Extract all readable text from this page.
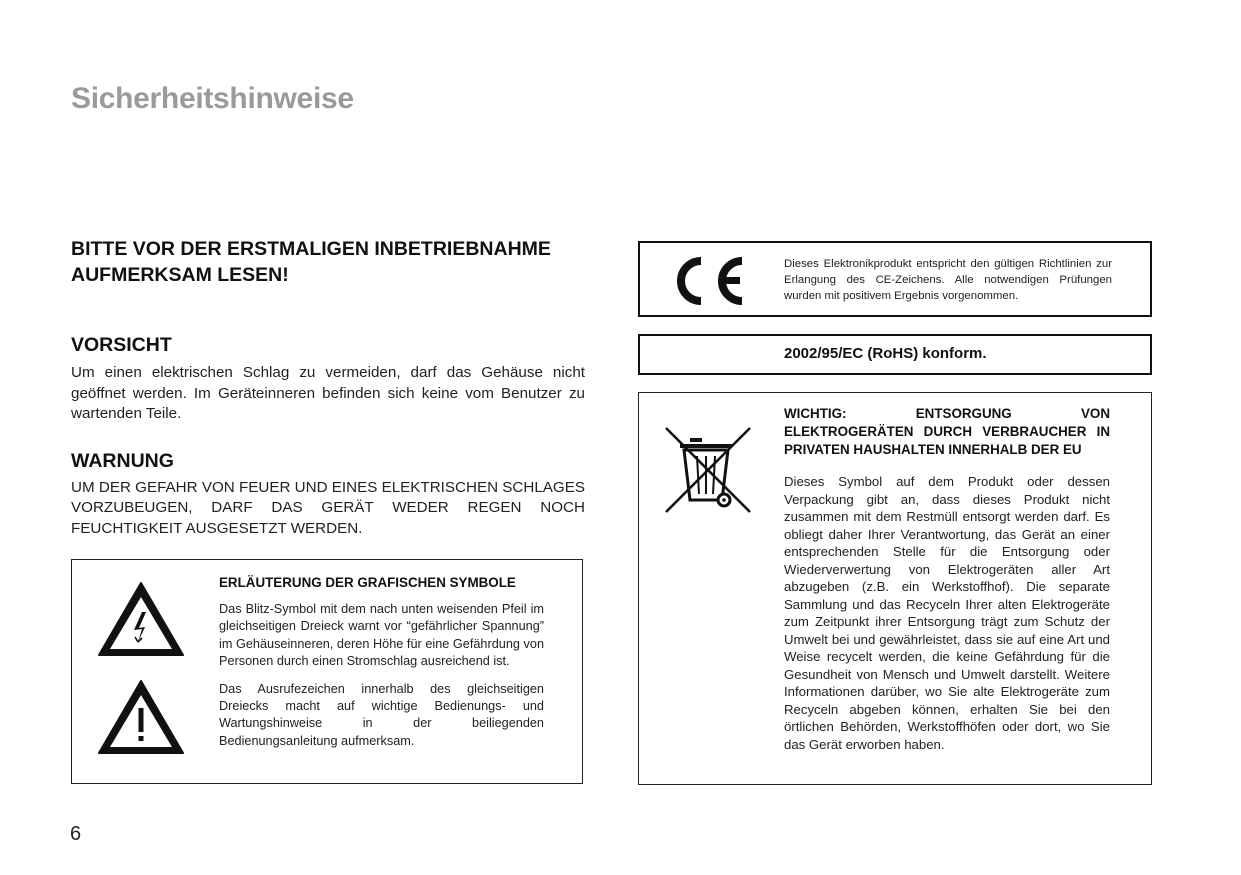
Sicherheitshinweise
BITTE VOR DER ERSTMALIGEN INBETRIEBNAHME
AUFMERKSAM LESEN!
VORSICHT

Um einen elektrischen Schlag zu vermeiden, darf das Gehäuse nicht geöffnet werden. Im Geräteinneren befinden sich keine vom Benutzer zu wartenden Teile.

WARNUNG

UM DER GEFAHR VON FEUER UND EINES ELEKTRISCHEN SCHLAGES VORZUBEUGEN, DARF DAS GERÄT WEDER REGEN NOCH FEUCHTIGKEIT AUSGESETZT WERDEN.

ERLÄUTERUNG DER GRAFISCHEN SYMBOLE

Das Blitz-Symbol mit dem nach unten weisenden Pfeil im gleichseitigen Dreieck warnt vor “gefährlicher Spannung” im Gehäuseinneren, deren Höhe für eine Gefährdung von Personen durch einen Stromschlag ausreichend ist.

Das Ausrufezeichen innerhalb des gleichseitigen Dreiecks macht auf wichtige Bedienungs- und Wartungshinweise in der beiliegenden Bedienungsanleitung aufmerksam.

CE

Dieses Elektronikprodukt entspricht den gültigen Richtlinien zur Erlangung des CE-Zeichens. Alle notwendigen Prüfungen wurden mit positivem Ergebnis vorgenommen.

2002/95/EC (RoHS) konform.

WICHTIG: ENTSORGUNG VON ELEKTROGERÄTEN DURCH VERBRAUCHER IN PRIVATEN HAUSHALTEN INNERHALB DER EU

Dieses Symbol auf dem Produkt oder dessen Verpackung gibt an, dass dieses Produkt nicht zusammen mit dem Restmüll entsorgt werden darf. Es obliegt daher Ihrer Verantwortung, das Gerät an einer entsprechenden Stelle für die Entsorgung oder Wiederverwertung von Elektrogeräten aller Art abzugeben (z.B. ein Werkstoffhof). Die separate Sammlung und das Recyceln Ihrer alten Elektrogeräte zum Zeitpunkt ihrer Entsorgung trägt zum Schutz der Umwelt bei und gewährleistet, dass sie auf eine Art und Weise recycelt werden, die keine Gefährdung für die Gesundheit von Mensch und Umwelt darstellt. Weitere Informationen darüber, wo Sie alte Elektrogeräte zum Recyceln abgeben können, erhalten Sie bei den örtlichen Behörden, Werkstoffhöfen oder dort, wo Sie das Gerät erworben haben.

6
